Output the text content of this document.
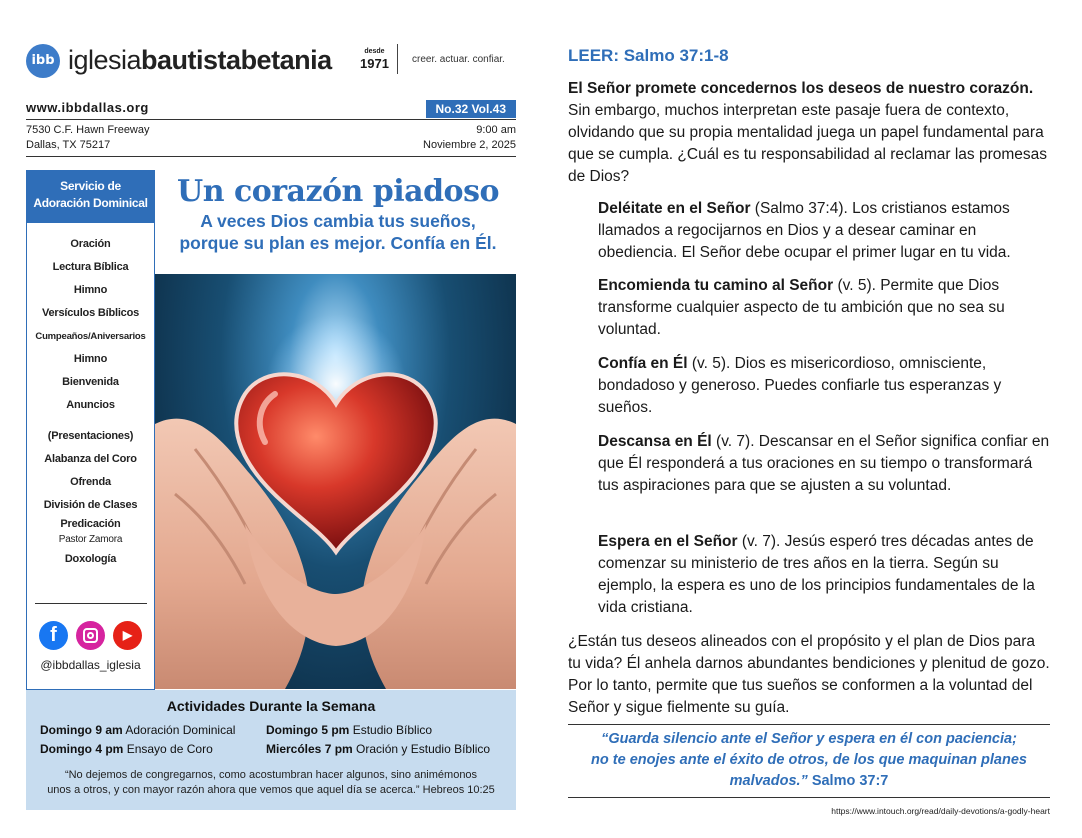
ibb iglesiabautistabetania	desde
1971 creer. actuar. confiar.
www.ibbdallas.org	No.32 Vol.43
7530 C.F. Hawn Freeway
Dallas, TX 75217
9:00 am
Noviembre 2, 2025
Servicio de
Adoración Dominical
Oración
Lectura Bíblica
Himno
Versículos Bíblicos
Cumpeaños/Aniversarios
Himno
Bienvenida
Anuncios
(Presentaciones)
Alabanza del Coro
Ofrenda
División de Clases
Predicación
Pastor Zamora
Doxología
f	▶
@ibbdallas_iglesia
Un corazón piadoso
A veces Dios cambia tus sueños,
porque su plan es mejor. Confía en Él.
Actividades Durante la Semana
Domingo 9 am Adoración Dominical	Domingo 5 pm Estudio Bíblico
Domingo 4 pm Ensayo de Coro	Miercóles 7 pm Oración y Estudio Bíblico
“No dejemos de congregarnos, como acostumbran hacer algunos, sino animémonos
unos a otros, y con mayor razón ahora que vemos que aquel día se acerca.” Hebreos 10:25
LEER: Salmo 37:1-8
El Señor promete concedernos los deseos de nuestro corazón. Sin embargo, muchos interpretan este pasaje fuera de contexto, olvidando que su propia mentalidad juega un papel fundamental para que se cumpla. ¿Cuál es tu responsabilidad al reclamar las promesas de Dios?
Deléitate en el Señor (Salmo 37:4). Los cristianos estamos llamados a regocijarnos en Dios y a desear caminar en obediencia. El Señor debe ocupar el primer lugar en tu vida.
Encomienda tu camino al Señor (v. 5). Permite que Dios transforme cualquier aspecto de tu ambición que no sea su voluntad.
Confía en Él (v. 5). Dios es misericordioso, omnisciente, bondadoso y generoso. Puedes confiarle tus esperanzas y sueños.
Descansa en Él (v. 7). Descansar en el Señor significa confiar en que Él responderá a tus oraciones en su tiempo o transformará tus aspiraciones para que se ajusten a su voluntad.
Espera en el Señor (v. 7). Jesús esperó tres décadas antes de comenzar su ministerio de tres años en la tierra. Según su ejemplo, la espera es uno de los principios fundamentales de la vida cristiana.
¿Están tus deseos alineados con el propósito y el plan de Dios para tu vida? Él anhela darnos abundantes bendiciones y plenitud de gozo. Por lo tanto, permite que tus sueños se conformen a la voluntad del Señor y sigue fielmente su guía.
“Guarda silencio ante el Señor y espera en él con paciencia;
no te enojes ante el éxito de otros, de los que maquinan planes
malvados.” Salmo 37:7
https://www.intouch.org/read/daily-devotions/a-godly-heart
